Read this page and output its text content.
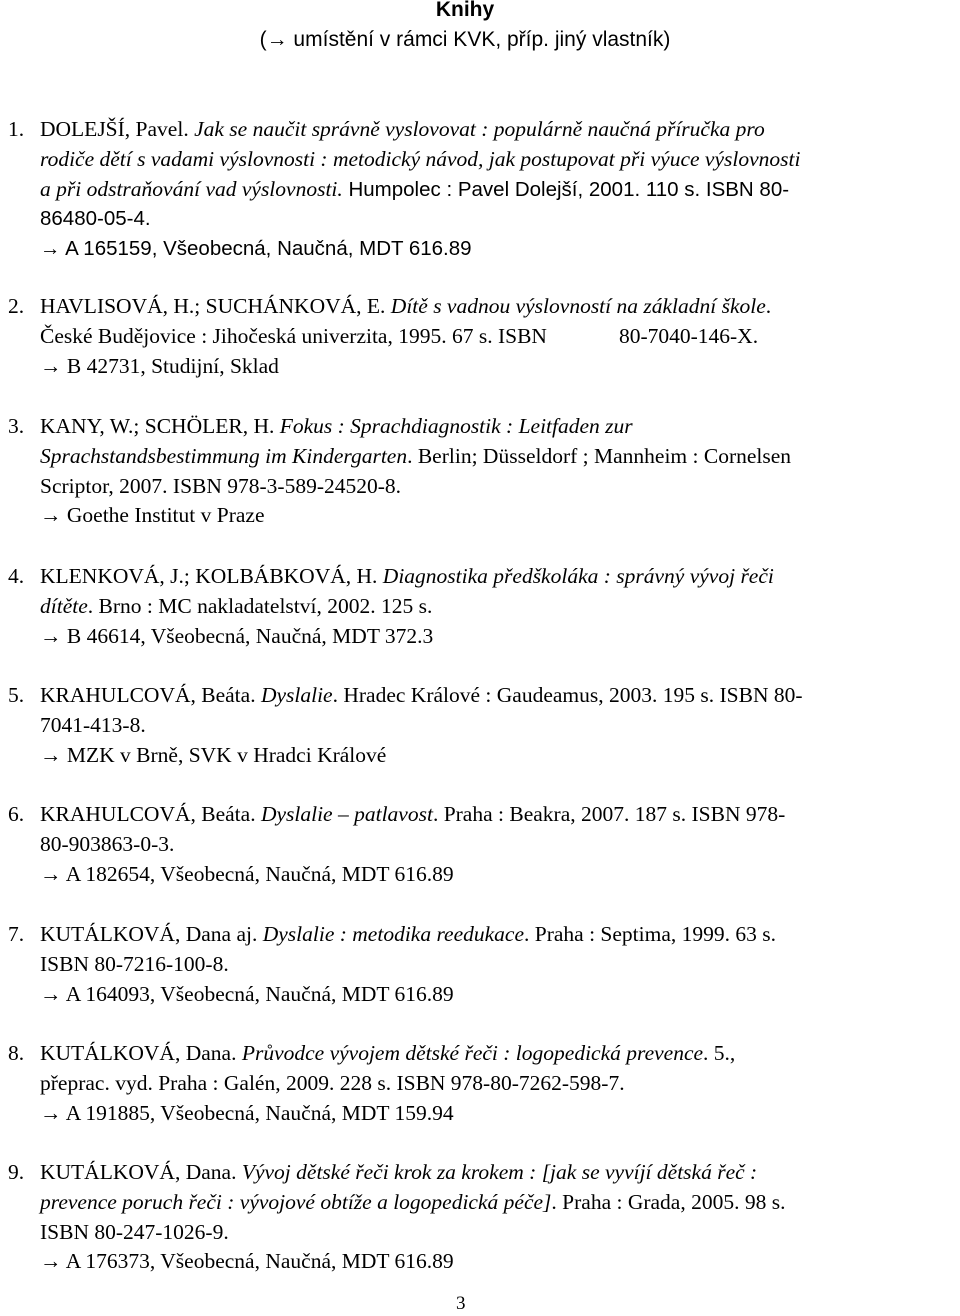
Knihy
(→ umístění v rámci KVK, příp. jiný vlastník)
1. DOLEJŠÍ, Pavel. Jak se naučit správně vyslovovat : populárně naučná příručka pro
rodiče dětí s vadami výslovnosti : metodický návod, jak postupovat při výuce výslovnosti
a při odstraňování vad výslovnosti. Humpolec : Pavel Dolejší, 2001. 110 s. ISBN 80-
86480-05-4.
→ A 165159, Všeobecná, Naučná, MDT 616.89
2. HAVLISOVÁ, H.; SUCHÁNKOVÁ, E. Dítě s vadnou výslovností na základní škole.
České Budějovice : Jihočeská univerzita, 1995. 67 s. ISBN	80-7040-146-X.
→ B 42731, Studijní, Sklad
3. KANY, W.; SCHÖLER, H. Fokus : Sprachdiagnostik : Leitfaden zur
Sprachstandsbestimmung im Kindergarten. Berlin; Düsseldorf ; Mannheim : Cornelsen
Scriptor, 2007. ISBN 978-3-589-24520-8.
→ Goethe Institut v Praze
4. KLENKOVÁ, J.; KOLBÁBKOVÁ, H. Diagnostika předškoláka : správný vývoj řeči
dítěte. Brno : MC nakladatelství, 2002. 125 s.
→ B 46614, Všeobecná, Naučná, MDT 372.3
5. KRAHULCOVÁ, Beáta. Dyslalie. Hradec Králové : Gaudeamus, 2003. 195 s. ISBN 80-
7041-413-8.
→ MZK v Brně, SVK v Hradci Králové
6. KRAHULCOVÁ, Beáta. Dyslalie – patlavost. Praha : Beakra, 2007. 187 s. ISBN 978-
80-903863-0-3.
→ A 182654, Všeobecná, Naučná, MDT 616.89
7. KUTÁLKOVÁ, Dana aj. Dyslalie : metodika reedukace. Praha : Septima, 1999. 63 s.
ISBN 80-7216-100-8.
→ A 164093, Všeobecná, Naučná, MDT 616.89
8. KUTÁLKOVÁ, Dana. Průvodce vývojem dětské řeči : logopedická prevence. 5.,
přeprac. vyd. Praha : Galén, 2009. 228 s. ISBN 978-80-7262-598-7.
→ A 191885, Všeobecná, Naučná, MDT 159.94
9. KUTÁLKOVÁ, Dana. Vývoj dětské řeči krok za krokem : [jak se vyvíjí dětská řeč :
prevence poruch řeči : vývojové obtíže a logopedická péče]. Praha : Grada, 2005. 98 s.
ISBN 80-247-1026-9.
→ A 176373, Všeobecná, Naučná, MDT 616.89
3
